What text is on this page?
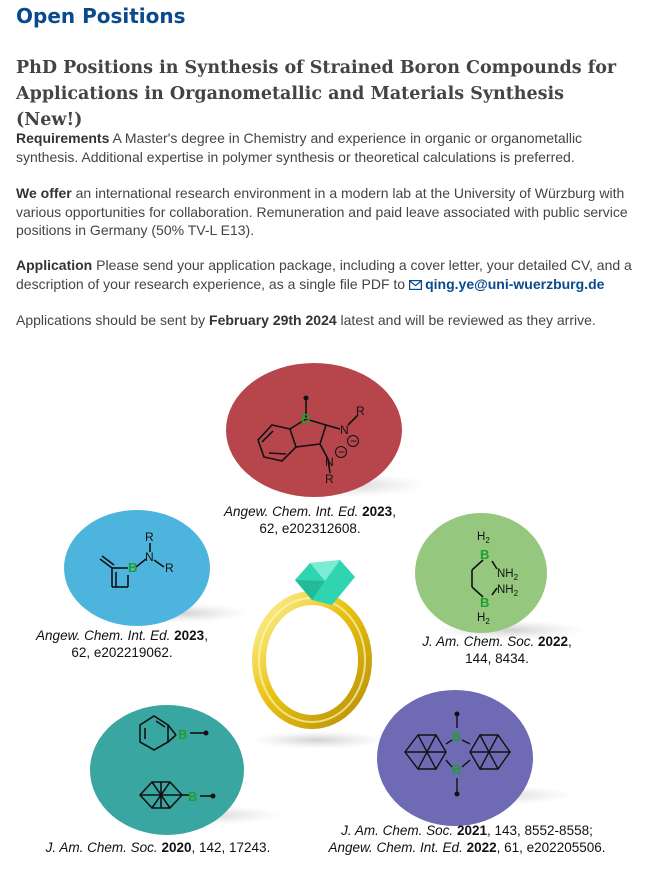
Open Positions
PhD Positions in Synthesis of Strained Boron Compounds for Applications in Organometallic and Materials Synthesis (New!)

Requirements A Master's degree in Chemistry and experience in organic or organometallic synthesis. Additional expertise in polymer synthesis or theoretical calculations is preferred.

We offer an international research environment in a modern lab at the University of Würzburg with various opportunities for collaboration. Remuneration and paid leave associated with public service positions in Germany (50% TV-L E13).

Application Please send your application package, including a cover letter, your detailed CV, and a description of your research experience, as a single file PDF to qing.ye@uni-wuerzburg.de

Applications should be sent by February 29th 2024 latest and will be reviewed as they arrive.

B
N
R
−
N
−
R
B
N
R
R
$H_2$
B
$NH_2$
$NH_2$
B
$H_2$
B
B
B
B
Angew. Chem. Int. Ed. 2023,
62, e202312608.
Angew. Chem. Int. Ed. 2023,
62, e202219062.
J. Am. Chem. Soc. 2022,
144, 8434.
J. Am. Chem. Soc. 2020, 142, 17243.
J. Am. Chem. Soc. 2021, 143, 8552-8558;
Angew. Chem. Int. Ed. 2022, 61, e202205506.
